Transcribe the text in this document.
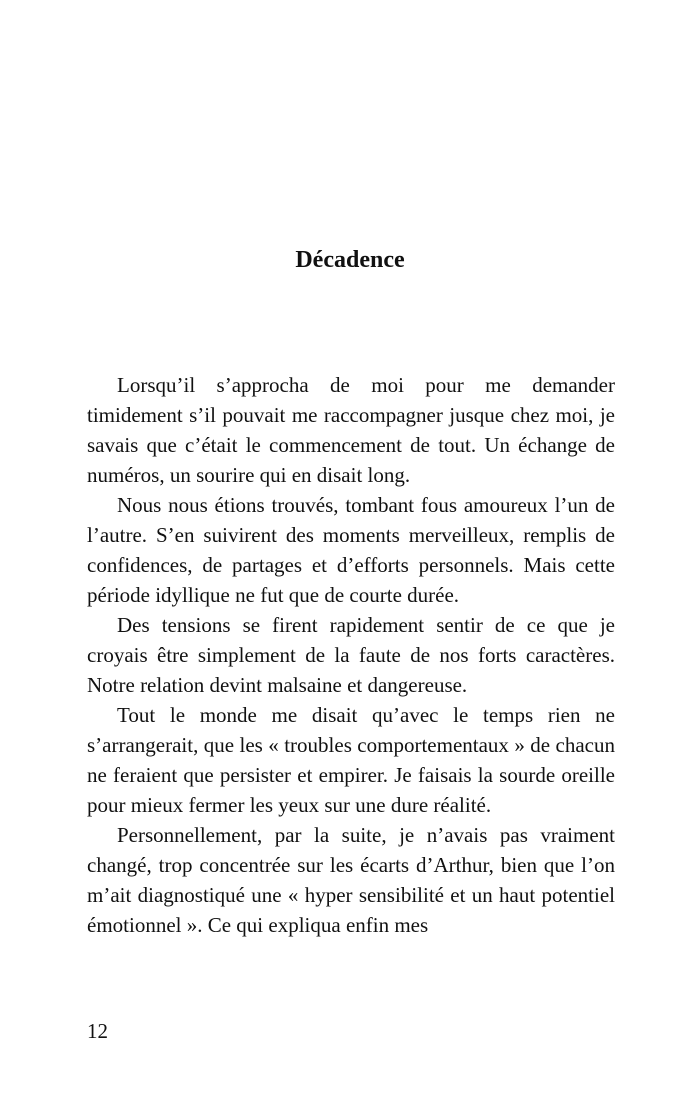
Décadence

Lorsqu’il s’approcha de moi pour me demander timidement s’il pouvait me raccompagner jusque chez moi, je savais que c’était le commencement de tout. Un échange de numéros, un sourire qui en disait long.

Nous nous étions trouvés, tombant fous amoureux l’un de l’autre. S’en suivirent des moments merveilleux, remplis de confidences, de partages et d’efforts personnels. Mais cette période idyllique ne fut que de courte durée.

Des tensions se firent rapidement sentir de ce que je croyais être simplement de la faute de nos forts caractères. Notre relation devint malsaine et dangereuse.

Tout le monde me disait qu’avec le temps rien ne s’arrangerait, que les « troubles comportementaux » de chacun ne feraient que persister et empirer. Je faisais la sourde oreille pour mieux fermer les yeux sur une dure réalité.

Personnellement, par la suite, je n’avais pas vraiment changé, trop concentrée sur les écarts d’Arthur, bien que l’on m’ait diagnostiqué une « hyper sensibilité et un haut potentiel émotionnel ». Ce qui expliqua enfin mes

12
